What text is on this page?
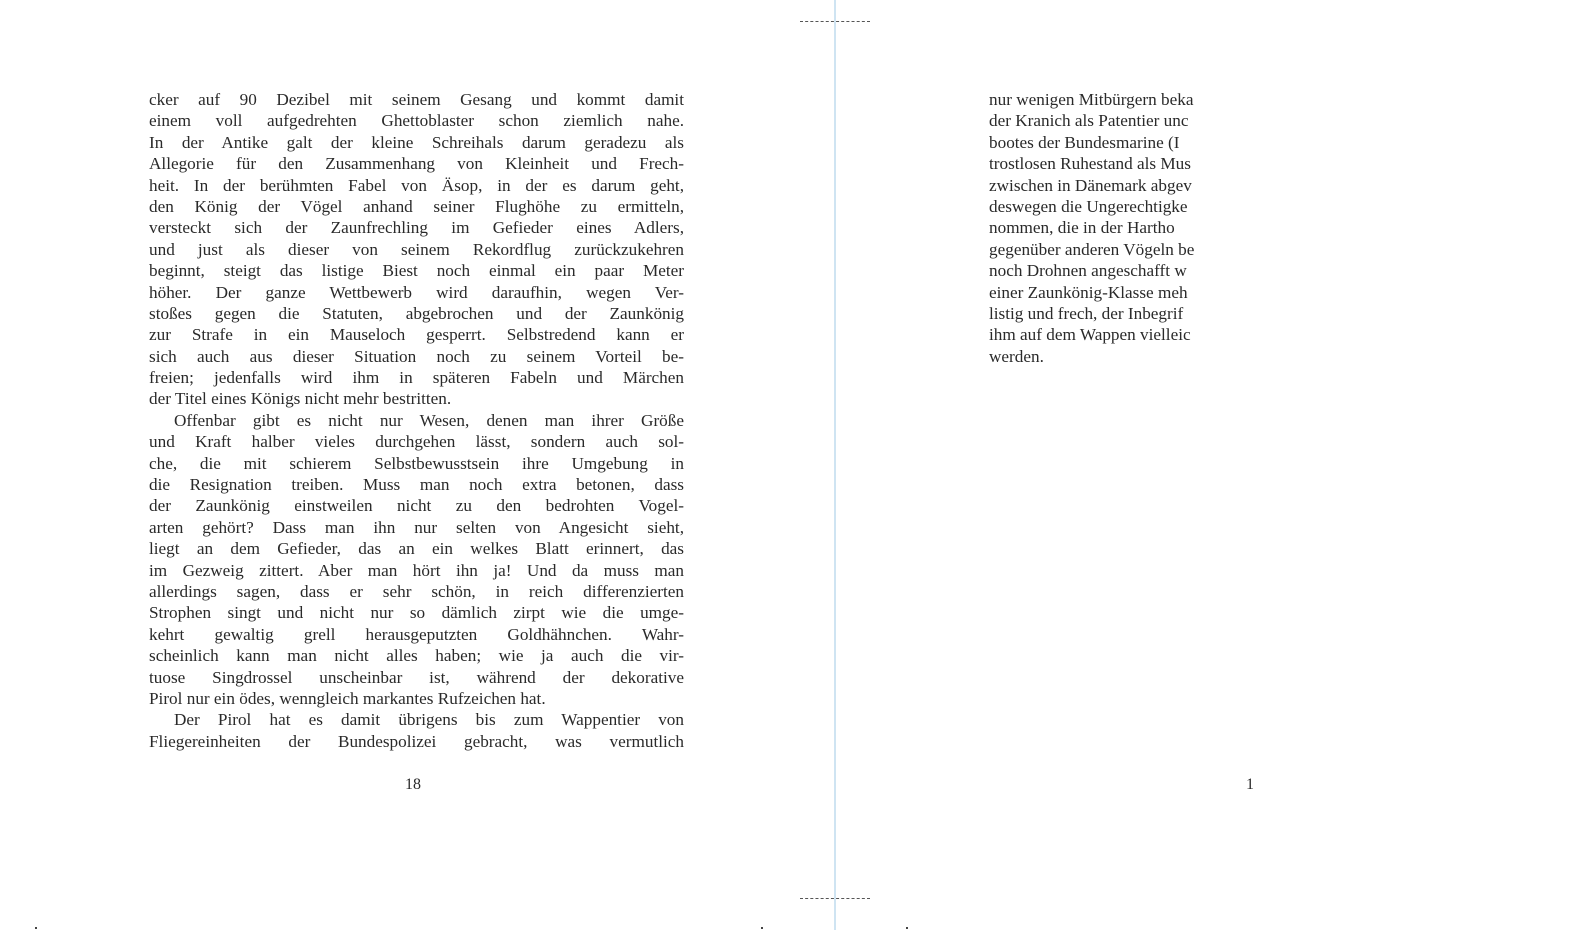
cker auf 90 Dezibel mit seinem Gesang und kommt damit
einem voll aufgedrehten Ghettoblaster schon ziemlich nahe.
In der Antike galt der kleine Schreihals darum geradezu als
Allegorie für den Zusammenhang von Kleinheit und Frech-
heit. In der berühmten Fabel von Äsop, in der es darum geht,
den König der Vögel anhand seiner Flughöhe zu ermitteln,
versteckt sich der Zaunfrechling im Gefieder eines Adlers,
und just als dieser von seinem Rekordflug zurückzukehren
beginnt, steigt das listige Biest noch einmal ein paar Meter
höher. Der ganze Wettbewerb wird daraufhin, wegen Ver-
stoßes gegen die Statuten, abgebrochen und der Zaunkönig
zur Strafe in ein Mauseloch gesperrt. Selbstredend kann er
sich auch aus dieser Situation noch zu seinem Vorteil be-
freien; jedenfalls wird ihm in späteren Fabeln und Märchen
der Titel eines Königs nicht mehr bestritten.
Offenbar gibt es nicht nur Wesen, denen man ihrer Größe
und Kraft halber vieles durchgehen lässt, sondern auch sol-
che, die mit schierem Selbstbewusstsein ihre Umgebung in
die Resignation treiben. Muss man noch extra betonen, dass
der Zaunkönig einstweilen nicht zu den bedrohten Vogel-
arten gehört? Dass man ihn nur selten von Angesicht sieht,
liegt an dem Gefieder, das an ein welkes Blatt erinnert, das
im Gezweig zittert. Aber man hört ihn ja! Und da muss man
allerdings sagen, dass er sehr schön, in reich differenzierten
Strophen singt und nicht nur so dämlich zirpt wie die umge-
kehrt gewaltig grell herausgeputzten Goldhähnchen. Wahr-
scheinlich kann man nicht alles haben; wie ja auch die vir-
tuose Singdrossel unscheinbar ist, während der dekorative
Pirol nur ein ödes, wenngleich markantes Rufzeichen hat.
Der Pirol hat es damit übrigens bis zum Wappentier von
Fliegereinheiten der Bundespolizei gebracht, was vermutlich
18
nur wenigen Mitbürgern beka
der Kranich als Patentier unc
bootes der Bundesmarine (I
trostlosen Ruhestand als Mus
zwischen in Dänemark abgev
deswegen die Ungerechtigke
nommen, die in der Hartho
gegenüber anderen Vögeln be
noch Drohnen angeschafft w
einer Zaunkönig-Klasse meh
listig und frech, der Inbegrif
ihm auf dem Wappen vielleic
werden.
1
